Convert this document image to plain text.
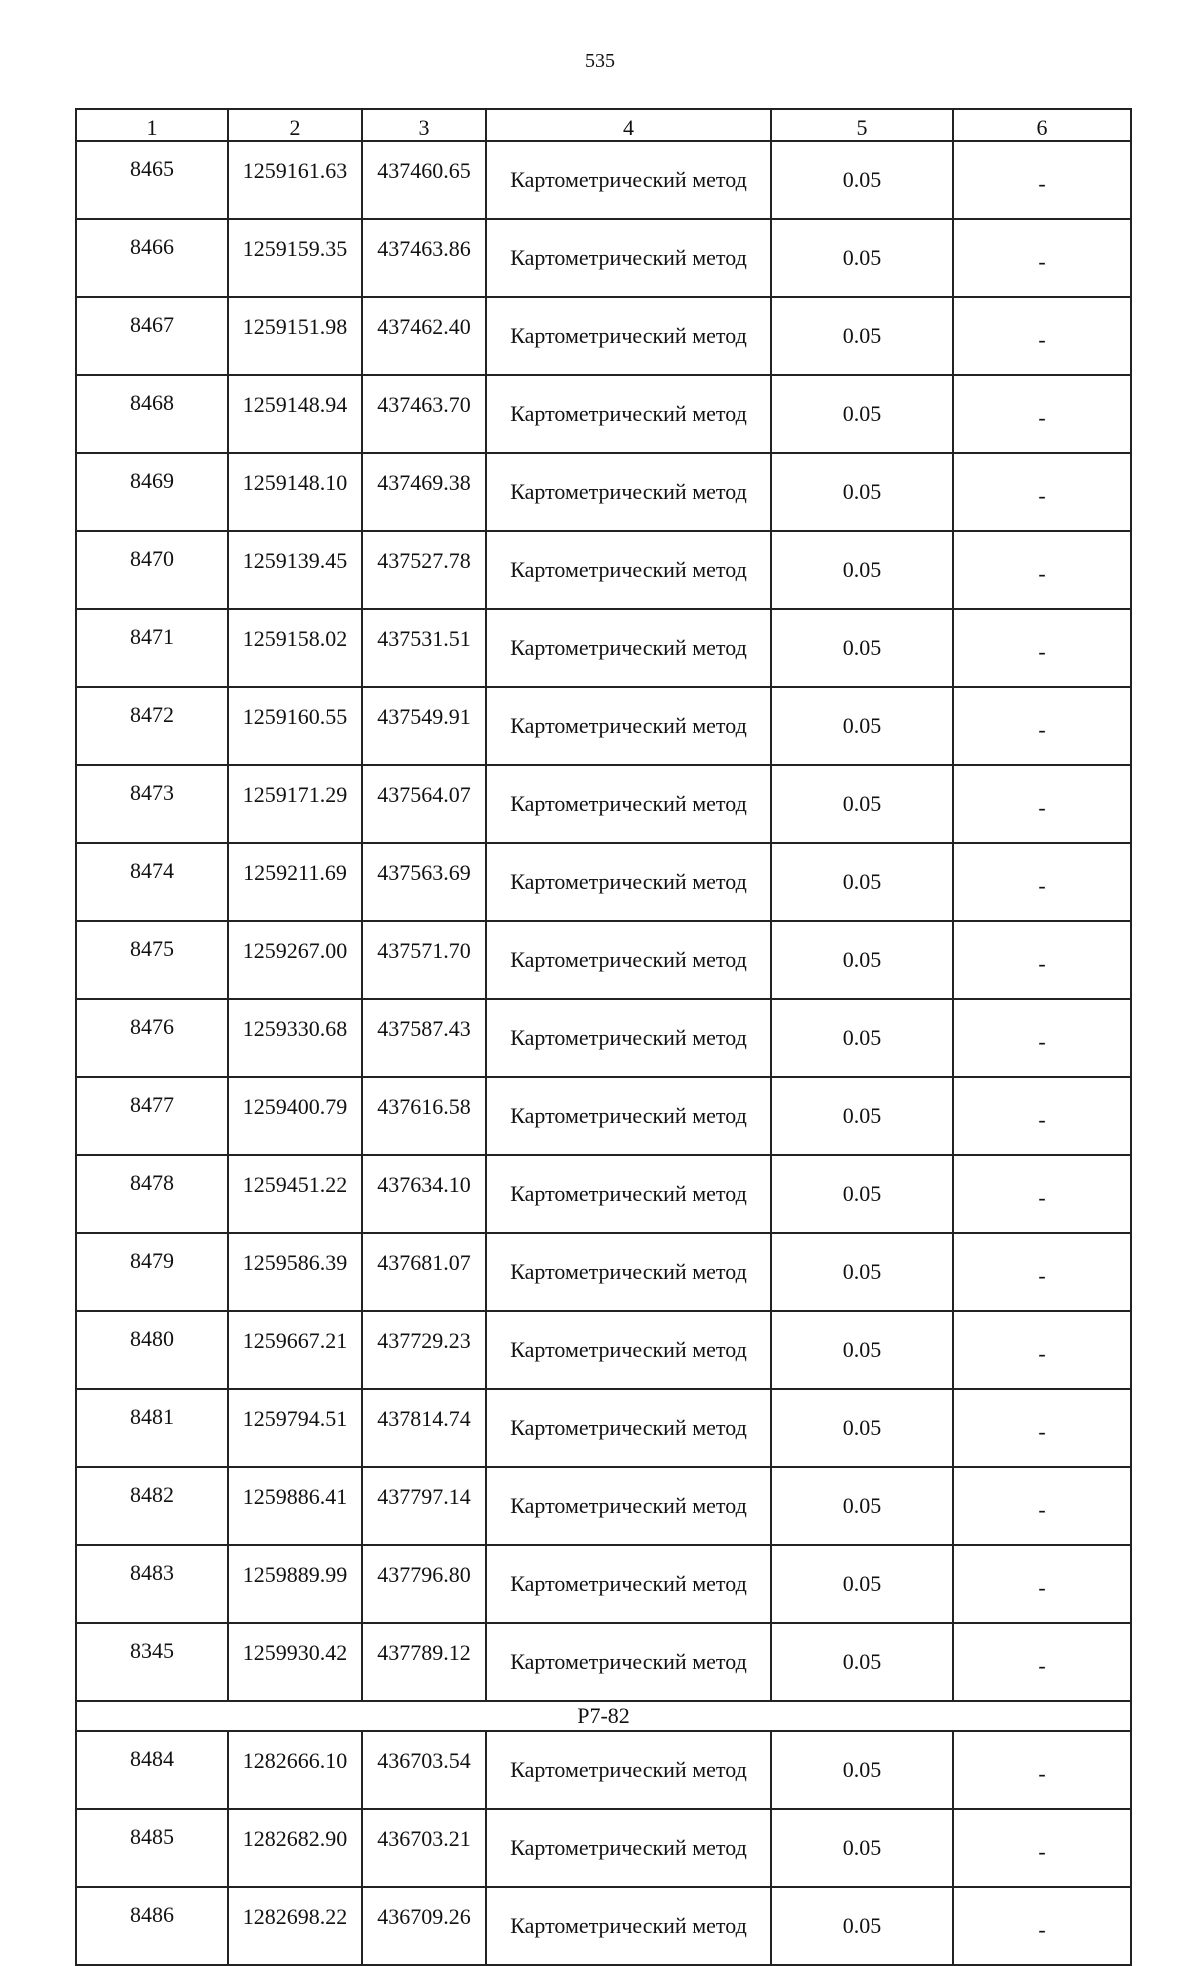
535
1	2	3	4	5	6
8465	1259161.63	437460.65	Картометрический метод	0.05	-
8466	1259159.35	437463.86	Картометрический метод	0.05	-
8467	1259151.98	437462.40	Картометрический метод	0.05	-
8468	1259148.94	437463.70	Картометрический метод	0.05	-
8469	1259148.10	437469.38	Картометрический метод	0.05	-
8470	1259139.45	437527.78	Картометрический метод	0.05	-
8471	1259158.02	437531.51	Картометрический метод	0.05	-
8472	1259160.55	437549.91	Картометрический метод	0.05	-
8473	1259171.29	437564.07	Картометрический метод	0.05	-
8474	1259211.69	437563.69	Картометрический метод	0.05	-
8475	1259267.00	437571.70	Картометрический метод	0.05	-
8476	1259330.68	437587.43	Картометрический метод	0.05	-
8477	1259400.79	437616.58	Картометрический метод	0.05	-
8478	1259451.22	437634.10	Картометрический метод	0.05	-
8479	1259586.39	437681.07	Картометрический метод	0.05	-
8480	1259667.21	437729.23	Картометрический метод	0.05	-
8481	1259794.51	437814.74	Картометрический метод	0.05	-
8482	1259886.41	437797.14	Картометрический метод	0.05	-
8483	1259889.99	437796.80	Картометрический метод	0.05	-
8345	1259930.42	437789.12	Картометрический метод	0.05	-
Р7-82					
8484	1282666.10	436703.54	Картометрический метод	0.05	-
8485	1282682.90	436703.21	Картометрический метод	0.05	-
8486	1282698.22	436709.26	Картометрический метод	0.05	-
